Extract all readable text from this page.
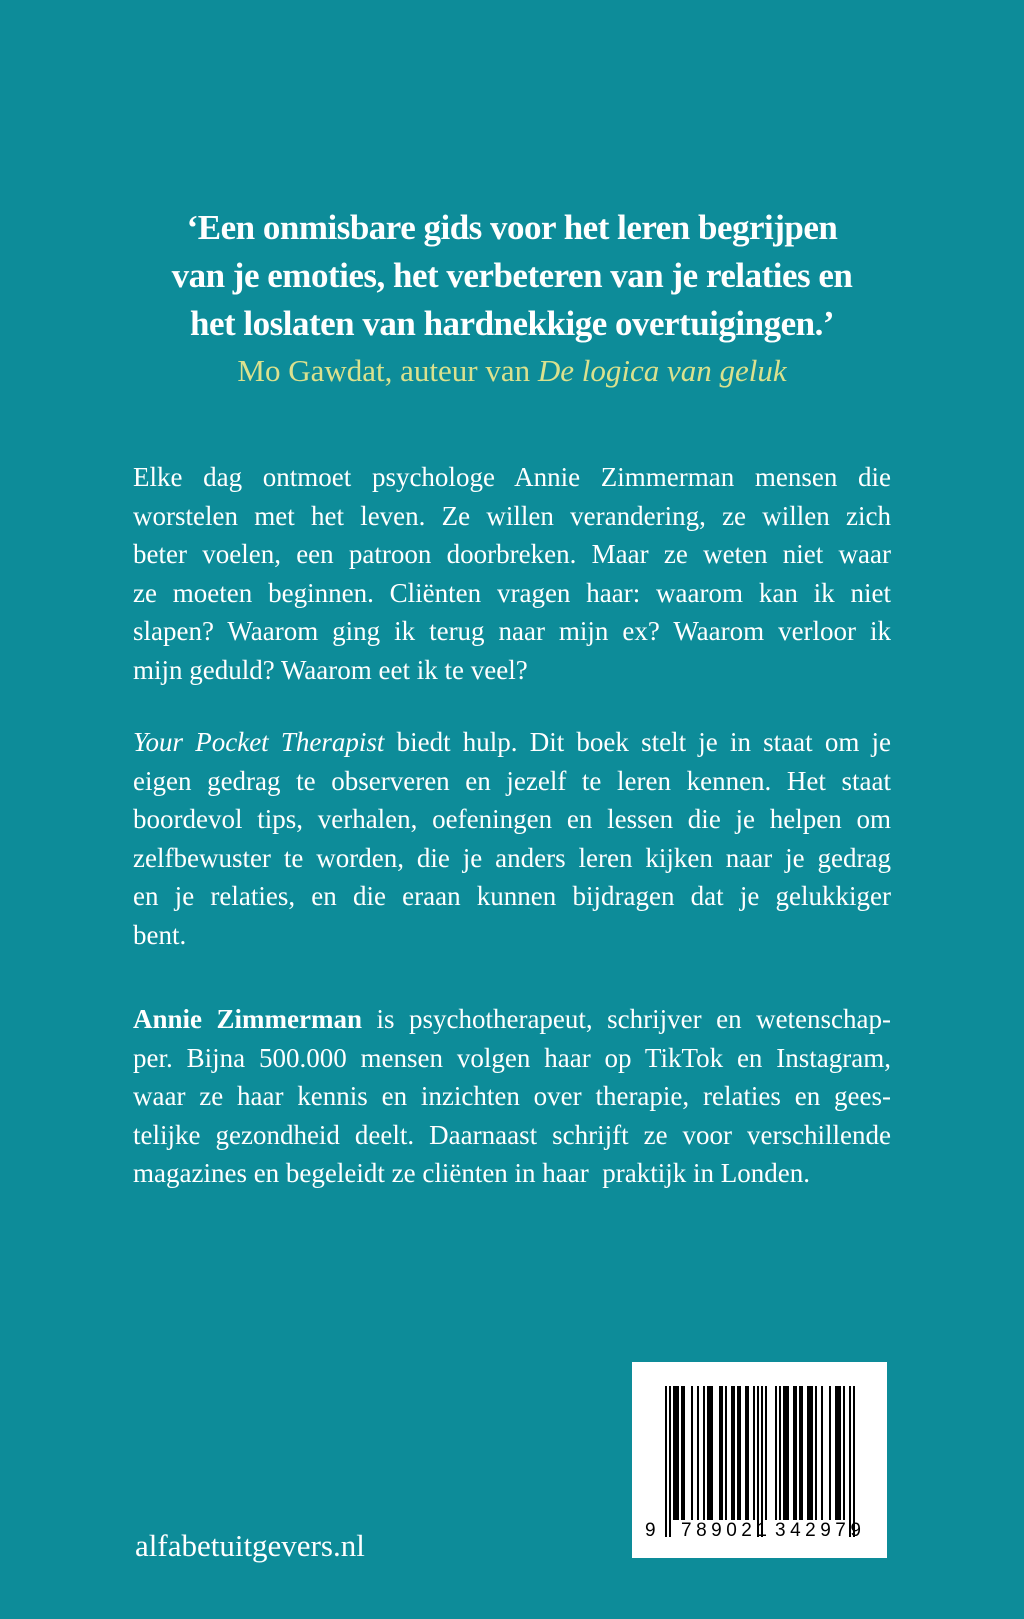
‘Een onmisbare gids voor het leren begrijpen
van je emoties, het verbeteren van je relaties en
het loslaten van hardnekkige overtuigingen.’
Mo Gawdat, auteur van De logica van geluk
Elke dag ontmoet psychologe Annie Zimmerman mensen die
worstelen met het leven. Ze willen verandering, ze willen zich
beter voelen, een patroon doorbreken. Maar ze weten niet waar
ze moeten beginnen. Cliënten vragen haar: waarom kan ik niet
slapen? Waarom ging ik terug naar mijn ex? Waarom verloor ik
mijn geduld? Waarom eet ik te veel?
Your Pocket Therapist biedt hulp. Dit boek stelt je in staat om je
eigen gedrag te observeren en jezelf te leren kennen. Het staat
boordevol tips, verhalen, oefeningen en lessen die je helpen om
zelfbewuster te worden, die je anders leren kijken naar je gedrag
en je relaties, en die eraan kunnen bijdragen dat je gelukkiger
bent.
Annie Zimmerman is psychotherapeut, schrijver en wetenschap-
per. Bijna 500.000 mensen volgen haar op TikTok en Instagram,
waar ze haar kennis en inzichten over therapie, relaties en gees-
telijke gezondheid deelt. Daarnaast schrijft ze voor verschillende
magazines en begeleidt ze cliënten in haar  praktijk in Londen.
alfabetuitgevers.nl	9 789021 342979
